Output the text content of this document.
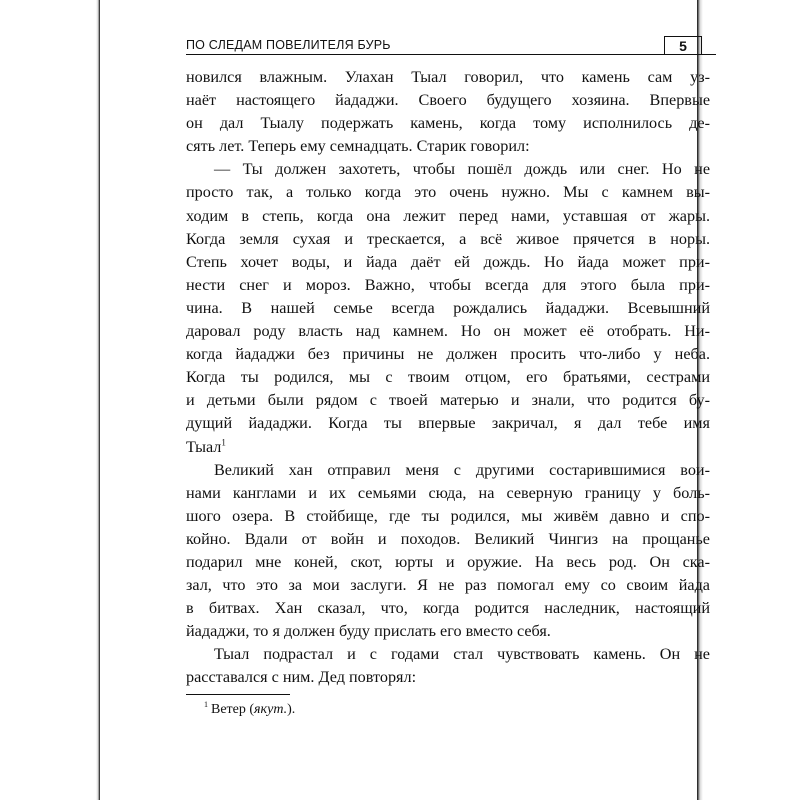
ПО СЛЕДАМ ПОВЕЛИТЕЛЯ БУРЬ	5

новился влажным. Улахан Тыал говорил, что камень сам уз-

наёт настоящего йададжи. Своего будущего хозяина. Впервые

он дал Тыалу подержать камень, когда тому исполнилось де-

сять лет. Теперь ему семнадцать. Старик говорил:

— Ты должен захотеть, чтобы пошёл дождь или снег. Но не

просто так, а только когда это очень нужно. Мы с камнем вы-

ходим в степь, когда она лежит перед нами, уставшая от жары.

Когда земля сухая и трескается, а всё живое прячется в норы.

Степь хочет воды, и йада даёт ей дождь. Но йада может при-

нести снег и мороз. Важно, чтобы всегда для этого была при-

чина. В нашей семье всегда рождались йададжи. Всевышний

даровал роду власть над камнем. Но он может её отобрать. Ни-

когда йададжи без причины не должен просить что-либо у неба.

Когда ты родился, мы с твоим отцом, его братьями, сестрами

и детьми были рядом с твоей матерью и знали, что родится бу-

дущий йададжи. Когда ты впервые закричал, я дал тебе имя

Тыал$^1$

Великий хан отправил меня с другими состарившимися вои-

нами канглами и их семьями сюда, на северную границу у боль-

шого озера. В стойбище, где ты родился, мы живём давно и спо-

койно. Вдали от войн и походов. Великий Чингиз на прощанье

подарил мне коней, скот, юрты и оружие. На весь род. Он ска-

зал, что это за мои заслуги. Я не раз помогал ему со своим йада

в битвах. Хан сказал, что, когда родится наследник, настоящий

йададжи, то я должен буду прислать его вместо себя.

Тыал подрастал и с годами стал чувствовать камень. Он не

расставался с ним. Дед повторял:

$^1$ Ветер (якут.).
